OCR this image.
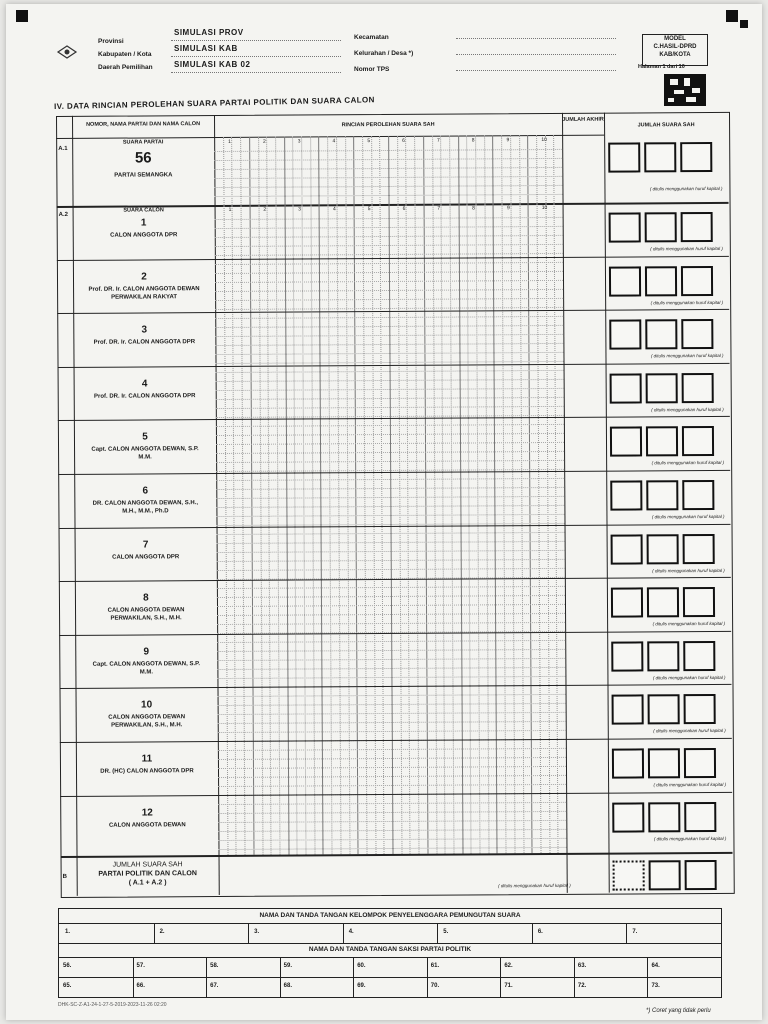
Provinsi
SIMULASI PROV
Kabupaten / Kota
SIMULASI KAB
Daerah Pemilihan	SIMULASI KAB 02
Kecamatan
Kelurahan / Desa *)
Nomor TPS
MODEL
C.HASIL-DPRD
KAB/KOTA
Halaman 1 dari 10
IV. DATA RINCIAN PEROLEHAN SUARA PARTAI POLITIK DAN SUARA CALON
NOMOR, NAMA PARTAI DAN NAMA CALON	RINCIAN PEROLEHAN SUARA SAH
JUMLAH AKHIR
JUMLAH SUARA SAH
A.1
SUARA PARTAI
56
PARTAI SEMANGKA
( ditulis menggunakan huruf kapital )
A.2
SUARA CALON
1	2	3	4	5	6	7	8	9	10
1	2	3	4	5	6	7	8	9	10
1
CALON ANGGOTA DPR
( ditulis menggunakan huruf kapital )
2
Prof. DR. Ir. CALON ANGGOTA DEWAN PERWAKILAN RAKYAT
( ditulis menggunakan huruf kapital )
3
Prof. DR. Ir. CALON ANGGOTA DPR
( ditulis menggunakan huruf kapital )
4
Prof. DR. Ir. CALON ANGGOTA DPR
( ditulis menggunakan huruf kapital )
5
Capt. CALON ANGGOTA DEWAN, S.P. M.M.
( ditulis menggunakan huruf kapital )
6
DR. CALON ANGGOTA DEWAN, S.H., M.H., M.M., Ph.D
( ditulis menggunakan huruf kapital )
7
CALON ANGGOTA DPR
( ditulis menggunakan huruf kapital )
8
CALON ANGGOTA DEWAN PERWAKILAN, S.H., M.H.
( ditulis menggunakan huruf kapital )
9
Capt. CALON ANGGOTA DEWAN, S.P. M.M.
( ditulis menggunakan huruf kapital )
10
CALON ANGGOTA DEWAN PERWAKILAN, S.H., M.H.
( ditulis menggunakan huruf kapital )
11
DR. (HC) CALON ANGGOTA DPR
( ditulis menggunakan huruf kapital )
12
CALON ANGGOTA DEWAN
( ditulis menggunakan huruf kapital )
B
JUMLAH SUARA SAH
PARTAI POLITIK DAN CALON
( A.1 + A.2 )	( ditulis menggunakan huruf kapital )
NAMA DAN TANDA TANGAN KELOMPOK PENYELENGGARA PEMUNGUTAN SUARA
1.	2.	3.	4.	5.	6.	7.
NAMA DAN TANDA TANGAN SAKSI PARTAI POLITIK
56.	57.	58.	59.	60.	61.	62.	63.	64.
65.	66.	67.	68.	69.	70.	71.	72.	73.
DHK-SC-Z-A1-24-1-27-5-2019-2023-11-26 02:20
*) Coret yang tidak perlu
